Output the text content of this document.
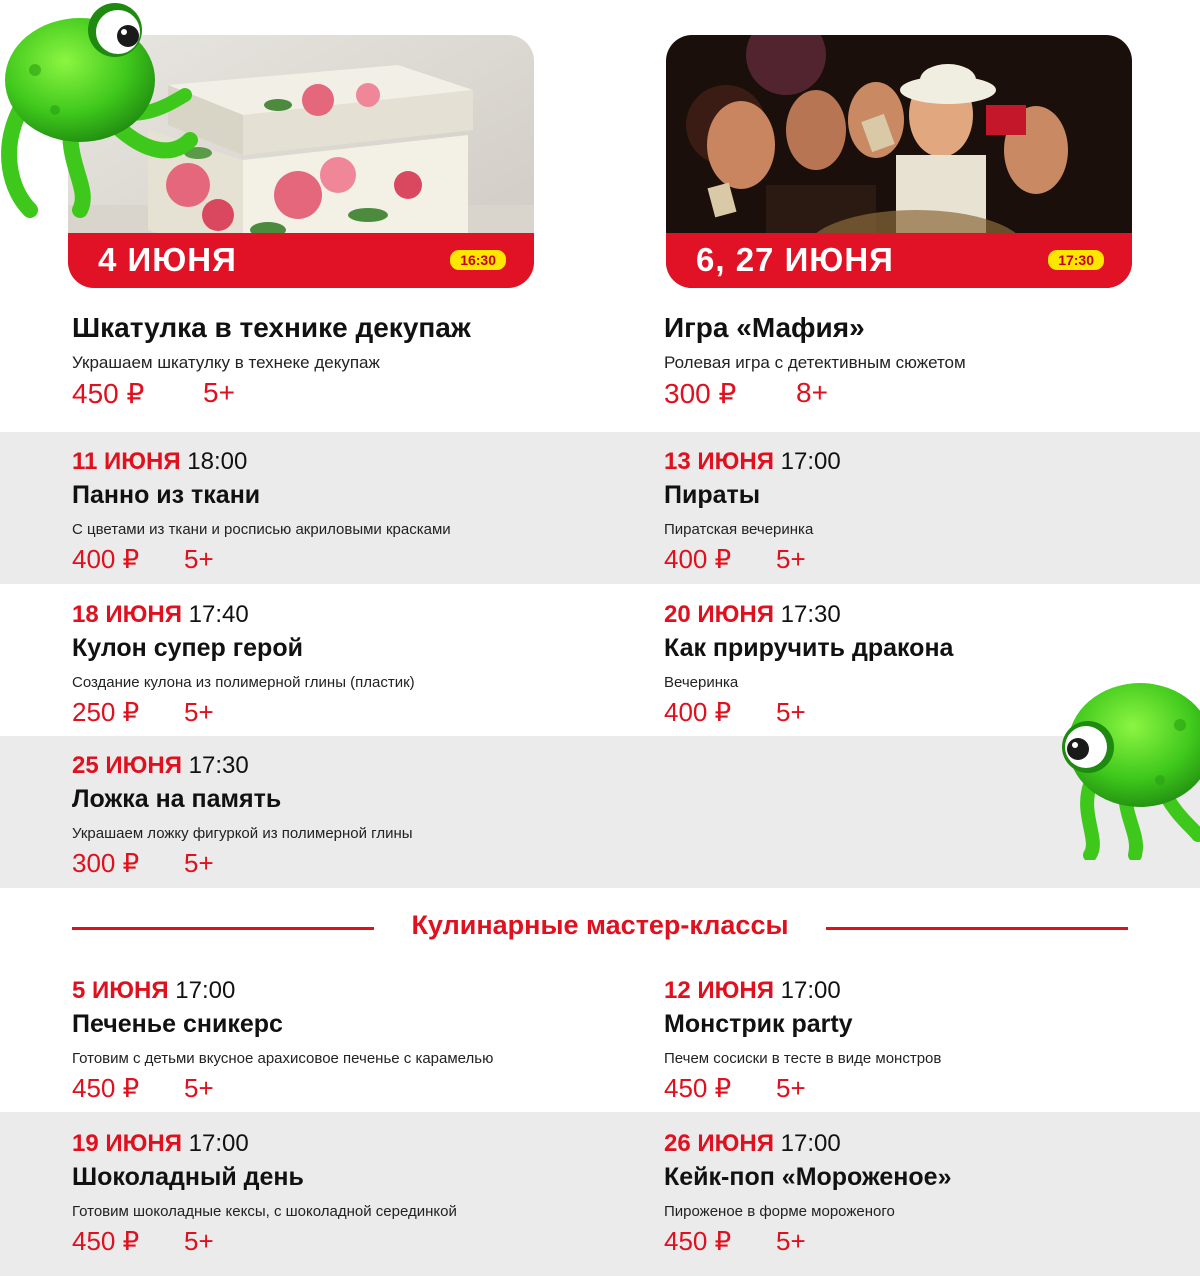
4 ИЮНЯ	16:30	6, 27 ИЮНЯ	17:30
Шкатулка в технике декупаж
Украшаем шкатулку в технеке декупаж
450 ₽ 5+
Игра «Мафия»
Ролевая игра с детективным сюжетом
300 ₽ 8+
11 ИЮНЯ 18:00
Панно из ткани
С цветами из ткани и росписью акриловыми красками
400 ₽ 5+
13 ИЮНЯ 17:00
Пираты
Пиратская вечеринка
400 ₽ 5+
18 ИЮНЯ 17:40
Кулон супер герой
Создание кулона из полимерной глины (пластик)
250 ₽ 5+
20 ИЮНЯ 17:30
Как приручить дракона
Вечеринка
400 ₽ 5+
25 ИЮНЯ 17:30
Ложка на память
Украшаем ложку фигуркой из полимерной глины
300 ₽ 5+
Кулинарные мастер-классы
5 ИЮНЯ 17:00
Печенье сникерс
Готовим с детьми вкусное арахисовое печенье с карамелью
450 ₽ 5+
12 ИЮНЯ 17:00
Монстрик party
Печем сосиски в тесте в виде монстров
450 ₽ 5+
19 ИЮНЯ 17:00
Шоколадный день
Готовим шоколадные кексы, с шоколадной серединкой
450 ₽ 5+
26 ИЮНЯ 17:00
Кейк-поп «Мороженое»
Пироженое в форме мороженого
450 ₽ 5+
